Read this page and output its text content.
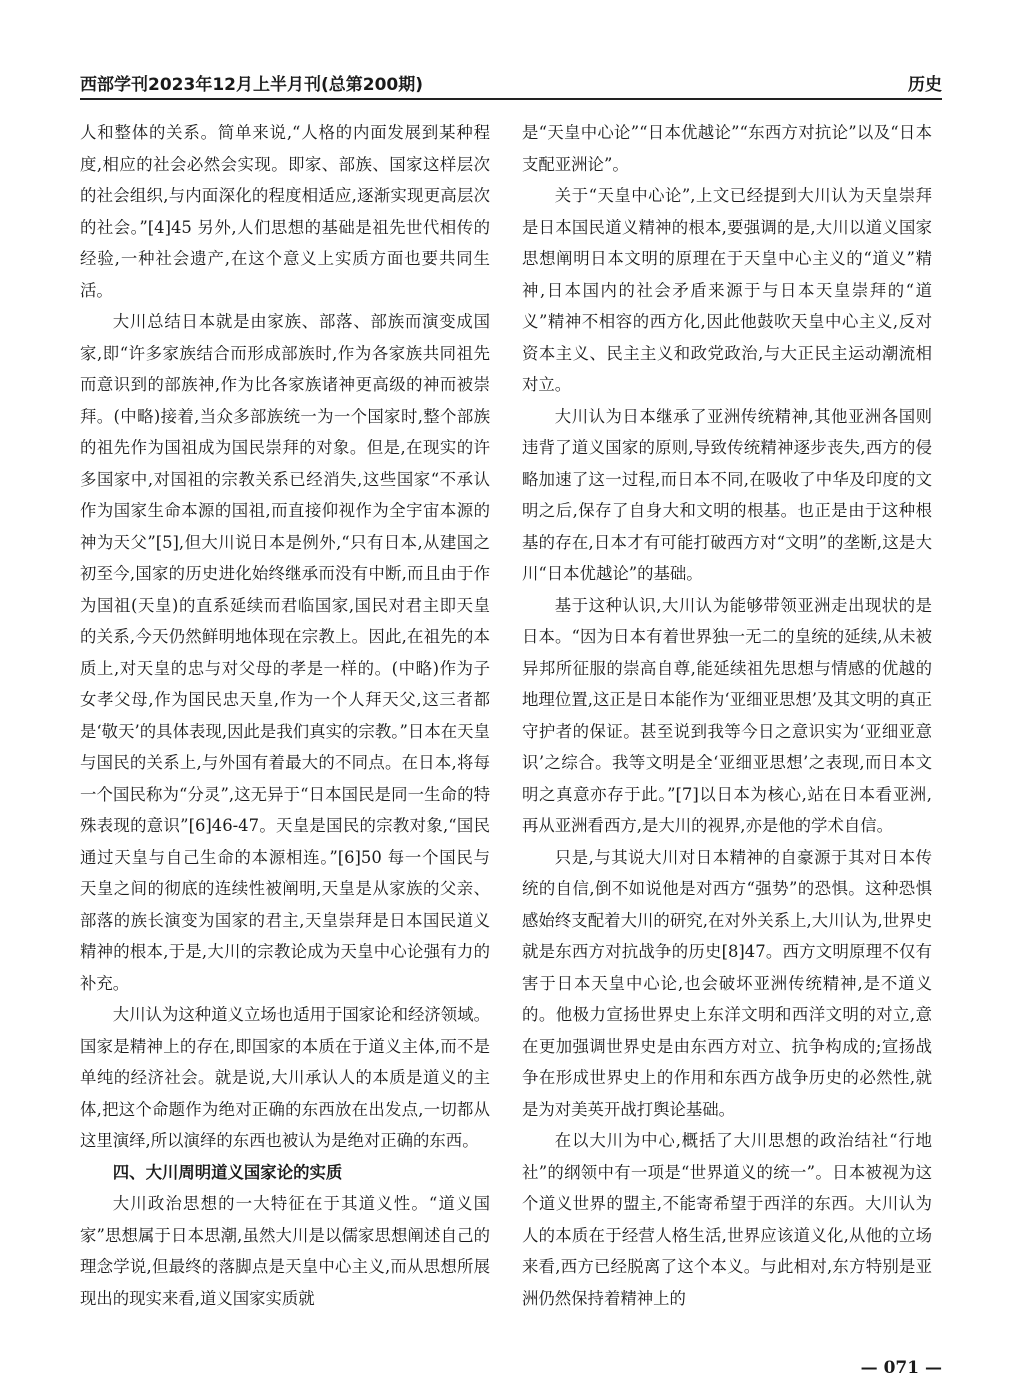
西部学刊2023年12月上半月刊(总第200期)	历史

人和整体的关系。简单来说,“人格的内面发展到某种程度,相应的社会必然会实现。即家、部族、国家这样层次的社会组织,与内面深化的程度相适应,逐渐实现更高层次的社会。”[4]45 另外,人们思想的基础是祖先世代相传的经验,一种社会遗产,在这个意义上实质方面也要共同生活。

大川总结日本就是由家族、部落、部族而演变成国家,即“许多家族结合而形成部族时,作为各家族共同祖先而意识到的部族神,作为比各家族诸神更高级的神而被崇拜。(中略)接着,当众多部族统一为一个国家时,整个部族的祖先作为国祖成为国民崇拜的对象。但是,在现实的许多国家中,对国祖的宗教关系已经消失,这些国家“不承认作为国家生命本源的国祖,而直接仰视作为全宇宙本源的神为天父”[5],但大川说日本是例外,“只有日本,从建国之初至今,国家的历史进化始终继承而没有中断,而且由于作为国祖(天皇)的直系延续而君临国家,国民对君主即天皇的关系,今天仍然鲜明地体现在宗教上。因此,在祖先的本质上,对天皇的忠与对父母的孝是一样的。(中略)作为子女孝父母,作为国民忠天皇,作为一个人拜天父,这三者都是‘敬天’的具体表现,因此是我们真实的宗教。”日本在天皇与国民的关系上,与外国有着最大的不同点。在日本,将每一个国民称为“分灵”,这无异于“日本国民是同一生命的特殊表现的意识”[6]46-47。天皇是国民的宗教对象,“国民通过天皇与自己生命的本源相连。”[6]50 每一个国民与天皇之间的彻底的连续性被阐明,天皇是从家族的父亲、部落的族长演变为国家的君主,天皇崇拜是日本国民道义精神的根本,于是,大川的宗教论成为天皇中心论强有力的补充。

大川认为这种道义立场也适用于国家论和经济领域。国家是精神上的存在,即国家的本质在于道义主体,而不是单纯的经济社会。就是说,大川承认人的本质是道义的主体,把这个命题作为绝对正确的东西放在出发点,一切都从这里演绎,所以演绎的东西也被认为是绝对正确的东西。

四、大川周明道义国家论的实质

大川政治思想的一大特征在于其道义性。“道义国家”思想属于日本思潮,虽然大川是以儒家思想阐述自己的理念学说,但最终的落脚点是天皇中心主义,而从思想所展现出的现实来看,道义国家实质就

是“天皇中心论”“日本优越论”“东西方对抗论”以及“日本支配亚洲论”。

关于“天皇中心论”,上文已经提到大川认为天皇崇拜是日本国民道义精神的根本,要强调的是,大川以道义国家思想阐明日本文明的原理在于天皇中心主义的“道义”精神,日本国内的社会矛盾来源于与日本天皇崇拜的“道义”精神不相容的西方化,因此他鼓吹天皇中心主义,反对资本主义、民主主义和政党政治,与大正民主运动潮流相对立。

大川认为日本继承了亚洲传统精神,其他亚洲各国则违背了道义国家的原则,导致传统精神逐步丧失,西方的侵略加速了这一过程,而日本不同,在吸收了中华及印度的文明之后,保存了自身大和文明的根基。也正是由于这种根基的存在,日本才有可能打破西方对“文明”的垄断,这是大川“日本优越论”的基础。

基于这种认识,大川认为能够带领亚洲走出现状的是日本。“因为日本有着世界独一无二的皇统的延续,从未被异邦所征服的崇高自尊,能延续祖先思想与情感的优越的地理位置,这正是日本能作为‘亚细亚思想’及其文明的真正守护者的保证。甚至说到我等今日之意识实为‘亚细亚意识’之综合。我等文明是全‘亚细亚思想’之表现,而日本文明之真意亦存于此。”[7]以日本为核心,站在日本看亚洲,再从亚洲看西方,是大川的视界,亦是他的学术自信。

只是,与其说大川对日本精神的自豪源于其对日本传统的自信,倒不如说他是对西方“强势”的恐惧。这种恐惧感始终支配着大川的研究,在对外关系上,大川认为,世界史就是东西方对抗战争的历史[8]47。西方文明原理不仅有害于日本天皇中心论,也会破坏亚洲传统精神,是不道义的。他极力宣扬世界史上东洋文明和西洋文明的对立,意在更加强调世界史是由东西方对立、抗争构成的;宣扬战争在形成世界史上的作用和东西方战争历史的必然性,就是为对美英开战打舆论基础。

在以大川为中心,概括了大川思想的政治结社“行地社”的纲领中有一项是“世界道义的统一”。日本被视为这个道义世界的盟主,不能寄希望于西洋的东西。大川认为人的本质在于经营人格生活,世界应该道义化,从他的立场来看,西方已经脱离了这个本义。与此相对,东方特别是亚洲仍然保持着精神上的

— 071 —
